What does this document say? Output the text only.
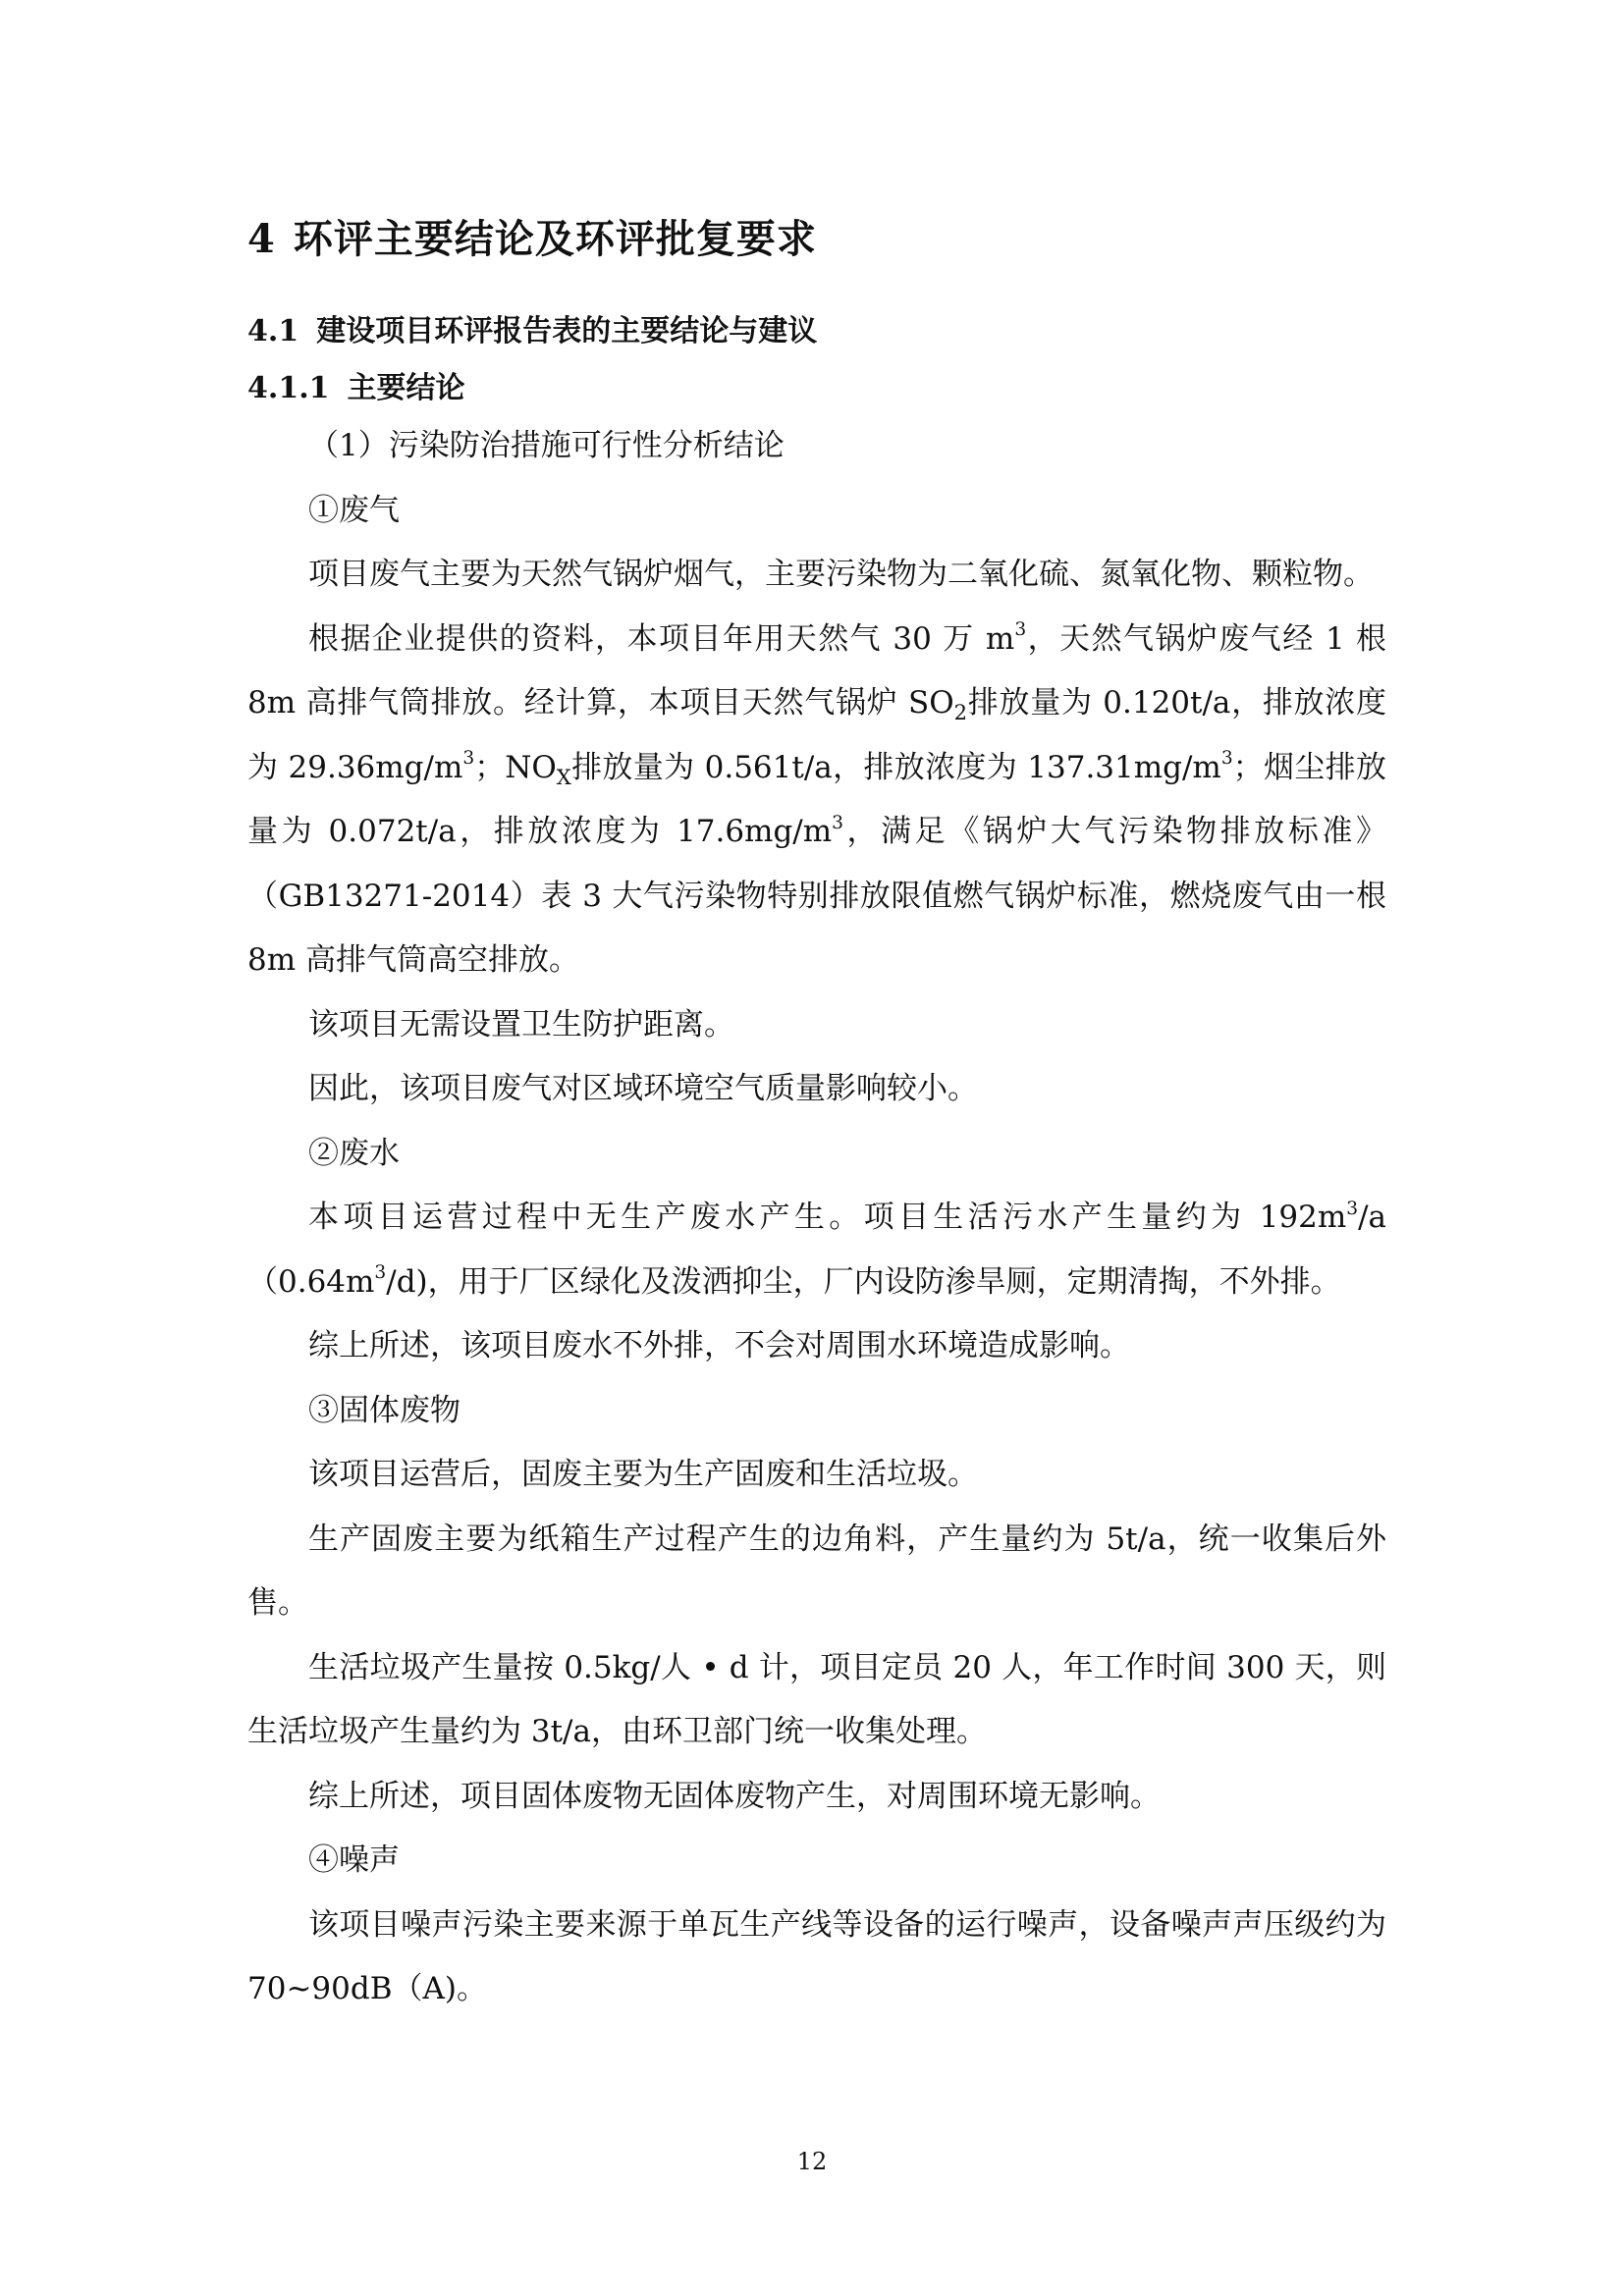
4 环评主要结论及环评批复要求
4.1 建设项目环评报告表的主要结论与建议
4.1.1 主要结论

（1）污染防治措施可行性分析结论

①废气

项目废气主要为天然气锅炉烟气，主要污染物为二氧化硫、氮氧化物、颗粒物。

根据企业提供的资料，本项目年用天然气 30 万 $m^3$，天然气锅炉废气经 1 根 8m 高排气筒排放。经计算，本项目天然气锅炉 $SO_2$排放量为 0.120t/a，排放浓度为 $29.36mg/m^3$；$NO_X$排放量为 0.561t/a，排放浓度为 $137.31mg/m^3$；烟尘排放量为 0.072t/a，排放浓度为 $17.6mg/m^3$，满足《锅炉大气污染物排放标准》（GB13271-2014）表 3 大气污染物特别排放限值燃气锅炉标准，燃烧废气由一根 8m 高排气筒高空排放。

该项目无需设置卫生防护距离。

因此，该项目废气对区域环境空气质量影响较小。

②废水

本项目运营过程中无生产废水产生。项目生活污水产生量约为 $192m^3/a(0.64m^3/d)$，用于厂区绿化及泼洒抑尘，厂内设防渗旱厕，定期清掏，不外排。

综上所述，该项目废水不外排，不会对周围水环境造成影响。

③固体废物

该项目运营后，固废主要为生产固废和生活垃圾。

生产固废主要为纸箱生产过程产生的边角料，产生量约为 5t/a，统一收集后外售。

生活垃圾产生量按 0.5kg/人 • d 计，项目定员 20 人，年工作时间 300 天，则生活垃圾产生量约为 3t/a，由环卫部门统一收集处理。

综上所述，项目固体废物无固体废物产生，对周围环境无影响。

④噪声

该项目噪声污染主要来源于单瓦生产线等设备的运行噪声，设备噪声声压级约为 70~90dB（A)。

12
